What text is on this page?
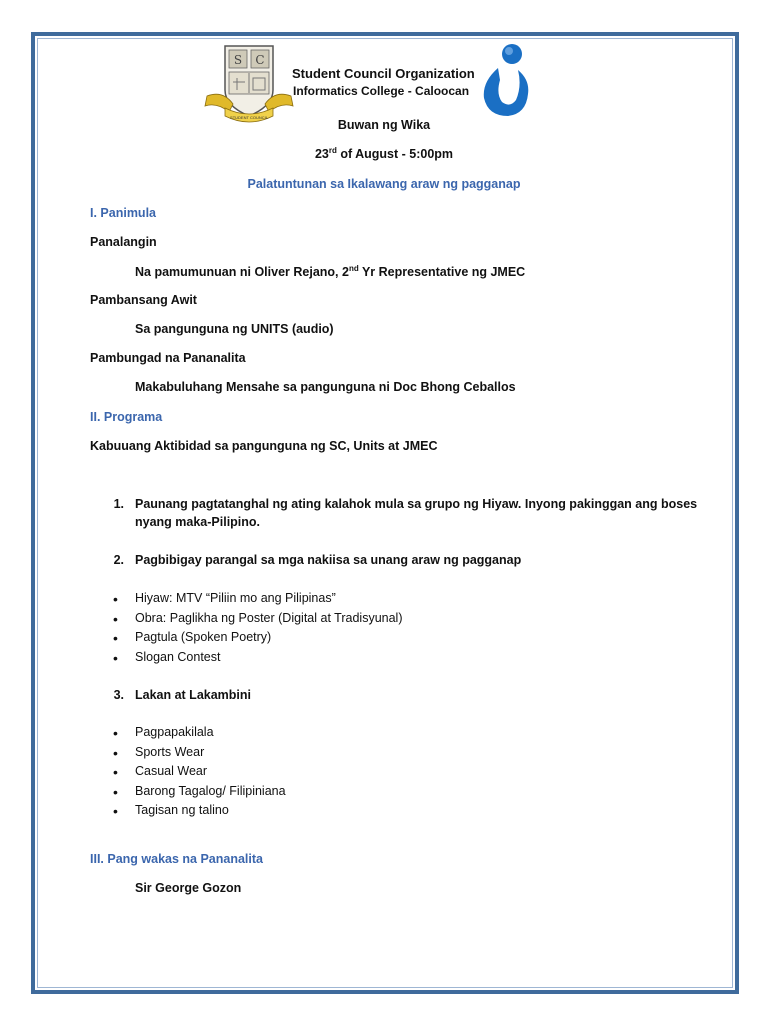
S C
STUDENT COUNCIL
Student Council Organization
Informatics College - Caloocan
Buwan ng Wika
23rd of August - 5:00pm
Palatuntunan sa Ikalawang araw ng pagganap
I. Panimula
Panalangin
Na pamumunuan ni Oliver Rejano, 2nd Yr Representative ng JMEC
Pambansang Awit
Sa pangunguna ng UNITS (audio)
Pambungad na Pananalita
Makabuluhang Mensahe sa pangunguna ni Doc Bhong Ceballos
II. Programa
Kabuuang Aktibidad sa pangunguna ng SC, Units at JMEC
1. Paunang pagtatanghal ng ating kalahok mula sa grupo ng Hiyaw. Inyong pakinggan ang boses
nyang maka-Pilipino.
2. Pagbibigay parangal sa mga nakiisa sa unang araw ng pagganap
• Hiyaw: MTV “Piliin mo ang Pilipinas”
• Obra: Paglikha ng Poster (Digital at Tradisyunal)
• Pagtula (Spoken Poetry)
• Slogan Contest
3. Lakan at Lakambini
• Pagpapakilala
• Sports Wear
• Casual Wear
• Barong Tagalog/ Filipiniana
• Tagisan ng talino
III. Pang wakas na Pananalita
Sir George Gozon
